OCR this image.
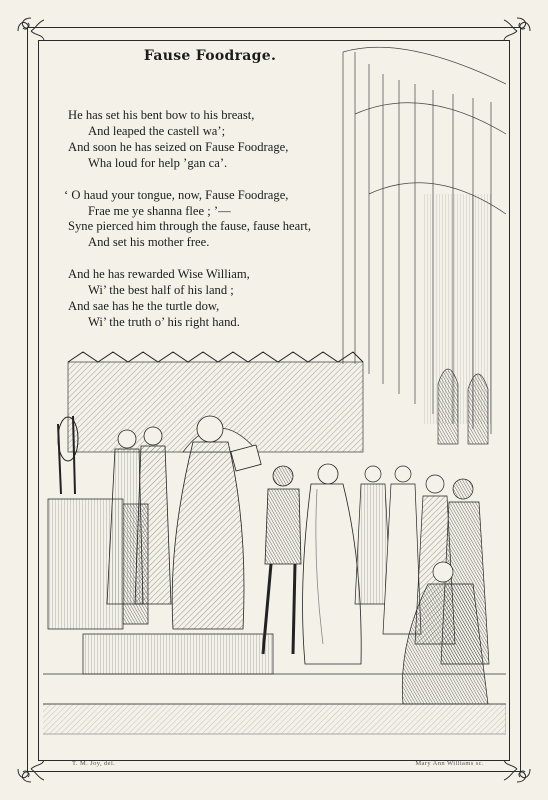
Fause Foodrage.
He has set his bent bow to his breast,
And leaped the castell wa’;
And soon he has seized on Fause Foodrage,
Wha loud for help ’gan ca’.
‘ O haud your tongue, now, Fause Foodrage,
Frae me ye shanna flee ; ’—
Syne pierced him through the fause, fause heart,
And set his mother free.
And he has rewarded Wise William,
Wi’ the best half of his land ;
And sae has he the turtle dow,
Wi’ the truth o’ his right hand.
T. M. Joy, del.	Mary Ann Williams sc.
